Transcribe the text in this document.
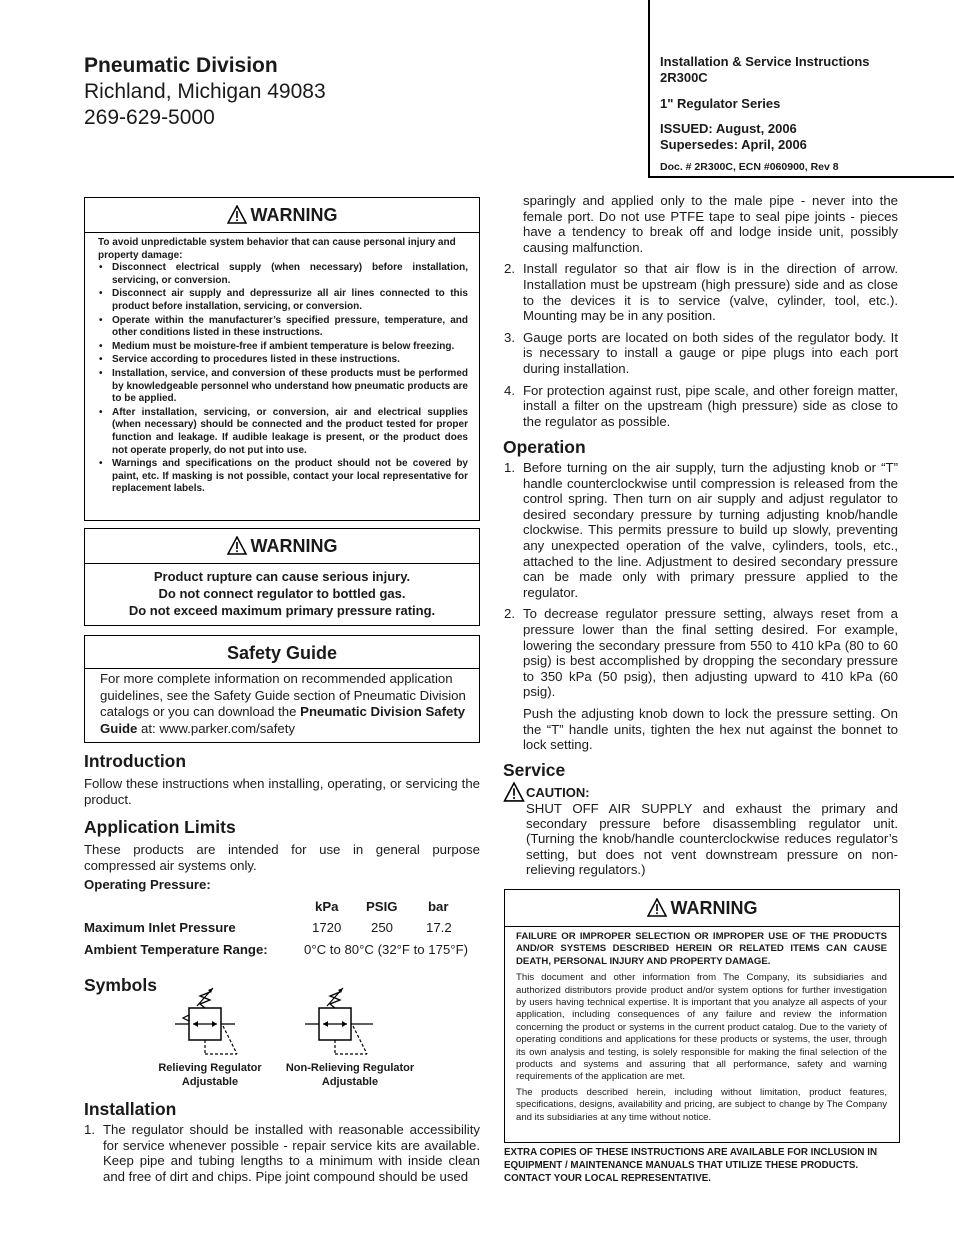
Pneumatic Division
Richland, Michigan 49083
269-629-5000
Installation & Service Instructions
2R300C
1" Regulator Series
ISSUED: August, 2006
Supersedes: April, 2006
Doc. # 2R300C, ECN #060900, Rev 8
WARNING
To avoid unpredictable system behavior that can cause personal injury and property damage:
• Disconnect electrical supply (when necessary) before installation, servicing, or conversion.
• Disconnect air supply and depressurize all air lines connected to this product before installation, servicing, or conversion.
• Operate within the manufacturer’s specified pressure, temperature, and other conditions listed in these instructions.
• Medium must be moisture-free if ambient temperature is below freezing.
• Service according to procedures listed in these instructions.
• Installation, service, and conversion of these products must be performed by knowledgeable personnel who understand how pneumatic products are to be applied.
• After installation, servicing, or conversion, air and electrical supplies (when necessary) should be connected and the product tested for proper function and leakage. If audible leakage is present, or the product does not operate properly, do not put into use.
• Warnings and specifications on the product should not be covered by paint, etc. If masking is not possible, contact your local representative for replacement labels.
WARNING
Product rupture can cause serious injury.
Do not connect regulator to bottled gas.
Do not exceed maximum primary pressure rating.
Safety Guide
For more complete information on recommended application guidelines, see the Safety Guide section of Pneumatic Division catalogs or you can download the Pneumatic Division Safety Guide at: www.parker.com/safety
Introduction
Follow these instructions when installing, operating, or servicing the product.
Application Limits
These products are intended for use in general purpose compressed air systems only.
Operating Pressure:
kPa PSIG bar
Maximum Inlet Pressure	1720 250 17.2
Ambient Temperature Range:	0°C to 80°C (32°F to 175°F)
Symbols
Relieving Regulator
Adjustable
Non-Relieving Regulator
Adjustable
Installation
1. The regulator should be installed with reasonable accessibility for service whenever possible - repair service kits are available. Keep pipe and tubing lengths to a minimum with inside clean and free of dirt and chips. Pipe joint compound should be used
sparingly and applied only to the male pipe - never into the female port. Do not use PTFE tape to seal pipe joints - pieces have a tendency to break off and lodge inside unit, possibly causing malfunction.
2. Install regulator so that air flow is in the direction of arrow. Installation must be upstream (high pressure) side and as close to the devices it is to service (valve, cylinder, tool, etc.). Mounting may be in any position.
3. Gauge ports are located on both sides of the regulator body. It is necessary to install a gauge or pipe plugs into each port during installation.
4. For protection against rust, pipe scale, and other foreign matter, install a filter on the upstream (high pressure) side as close to the regulator as possible.
Operation
1. Before turning on the air supply, turn the adjusting knob or “T” handle counterclockwise until compression is released from the control spring. Then turn on air supply and adjust regulator to desired secondary pressure by turning adjusting knob/handle clockwise. This permits pressure to build up slowly, preventing any unexpected operation of the valve, cylinders, tools, etc., attached to the line. Adjustment to desired secondary pressure can be made only with primary pressure applied to the regulator.
2. To decrease regulator pressure setting, always reset from a pressure lower than the final setting desired. For example, lowering the secondary pressure from 550 to 410 kPa (80 to 60 psig) is best accomplished by dropping the secondary pressure to 350 kPa (50 psig), then adjusting upward to 410 kPa (60 psig).
Push the adjusting knob down to lock the pressure setting. On the “T” handle units, tighten the hex nut against the bonnet to lock setting.
Service
CAUTION:
SHUT OFF AIR SUPPLY and exhaust the primary and secondary pressure before disassembling regulator unit. (Turning the knob/handle counterclockwise reduces regulator’s setting, but does not vent downstream pressure on non-relieving regulators.)
WARNING
FAILURE OR IMPROPER SELECTION OR IMPROPER USE OF THE PRODUCTS AND/OR SYSTEMS DESCRIBED HEREIN OR RELATED ITEMS CAN CAUSE DEATH, PERSONAL INJURY AND PROPERTY DAMAGE.
This document and other information from The Company, its subsidiaries and authorized distributors provide product and/or system options for further investigation by users having technical expertise. It is important that you analyze all aspects of your application, including consequences of any failure and review the information concerning the product or systems in the current product catalog. Due to the variety of operating conditions and applications for these products or systems, the user, through its own analysis and testing, is solely responsible for making the final selection of the products and systems and assuring that all performance, safety and warning requirements of the application are met.
The products described herein, including without limitation, product features, specifications, designs, availability and pricing, are subject to change by The Company and its subsidiaries at any time without notice.
EXTRA COPIES OF THESE INSTRUCTIONS ARE AVAILABLE FOR INCLUSION IN EQUIPMENT / MAINTENANCE MANUALS THAT UTILIZE THESE PRODUCTS. CONTACT YOUR LOCAL REPRESENTATIVE.
